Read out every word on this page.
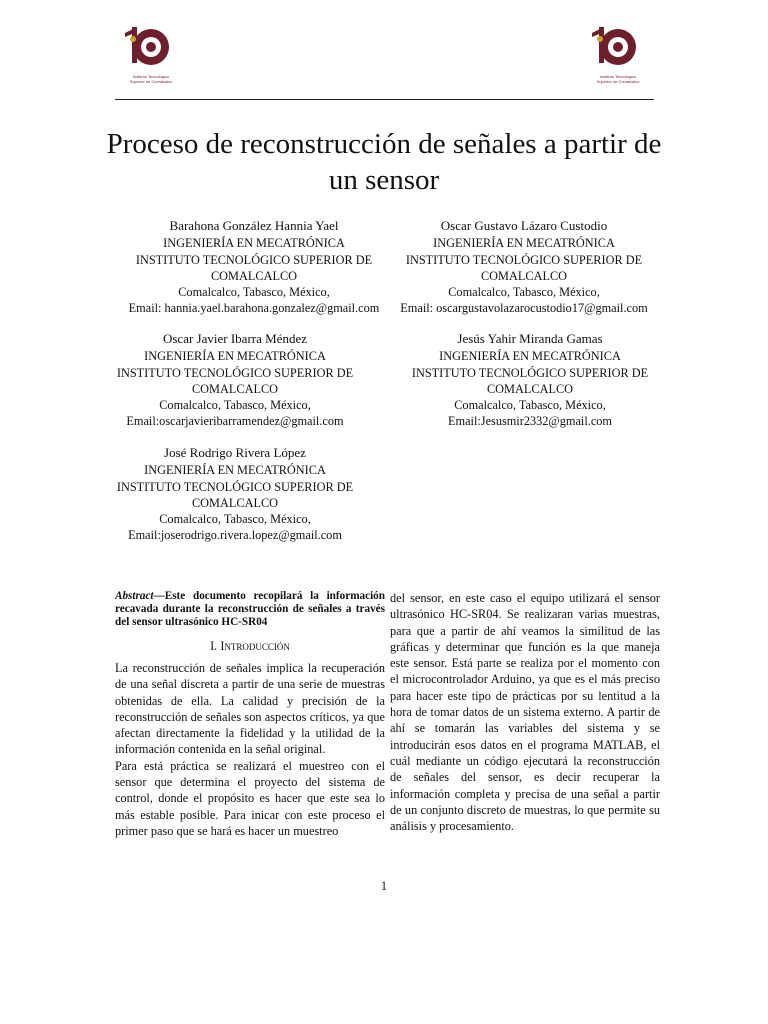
Instituto Tecnológico
Superior de Comalcalco
Instituto Tecnológico
Superior de Comalcalco
Proceso de reconstrucción de señales a partir de un sensor
Barahona González Hannia Yael
INGENIERÍA EN MECATRÓNICA
INSTITUTO TECNOLÓGICO SUPERIOR DE COMALCALCO
Comalcalco, Tabasco, México,
Email: hannia.yael.barahona.gonzalez@gmail.com
Oscar Gustavo Lázaro Custodio
INGENIERÍA EN MECATRÓNICA
INSTITUTO TECNOLÓGICO SUPERIOR DE COMALCALCO
Comalcalco, Tabasco, México,
Email: oscargustavolazarocustodio17@gmail.com
Oscar Javier Ibarra Méndez
INGENIERÍA EN MECATRÓNICA
INSTITUTO TECNOLÓGICO SUPERIOR DE COMALCALCO
Comalcalco, Tabasco, México,
Email:oscarjavieribarramendez@gmail.com
Jesús Yahir Miranda Gamas
INGENIERÍA EN MECATRÓNICA
INSTITUTO TECNOLÓGICO SUPERIOR DE COMALCALCO
Comalcalco, Tabasco, México,
Email:Jesusmir2332@gmail.com
José Rodrigo Rivera López
INGENIERÍA EN MECATRÓNICA
INSTITUTO TECNOLÓGICO SUPERIOR DE COMALCALCO
Comalcalco, Tabasco, México,
Email:joserodrigo.rivera.lopez@gmail.com

Abstract—Este documento recopilará la información recavada durante la reconstrucción de señales a través del sensor ultrasónico HC-SR04

I. Introducción

La reconstrucción de señales implica la recuperación de una señal discreta a partir de una serie de muestras obtenidas de ella. La calidad y precisión de la reconstrucción de señales son aspectos críticos, ya que afectan directamente la fidelidad y la utilidad de la información contenida en la señal original.

Para está práctica se realizará el muestreo con el sensor que determina el proyecto del sistema de control, donde el propósito es hacer que este sea lo más estable posible. Para inicar con este proceso el primer paso que se hará es hacer un muestreo

del sensor, en este caso el equipo utilizará el sensor ultrasónico HC-SR04. Se realizaran varias muestras, para que a partir de ahí veamos la similitud de las gráficas y determinar que función es la que maneja este sensor. Está parte se realiza por el momento con el microcontrolador Arduino, ya que es el más preciso para hacer este tipo de prácticas por su lentitud a la hora de tomar datos de un sistema externo. A partir de ahí se tomarán las variables del sistema y se introducirán esos datos en el programa MATLAB, el cuál mediante un código ejecutará la reconstrucción de señales del sensor, es decir recuperar la información completa y precisa de una señal a partir de un conjunto discreto de muestras, lo que permite su análisis y procesamiento.

1
